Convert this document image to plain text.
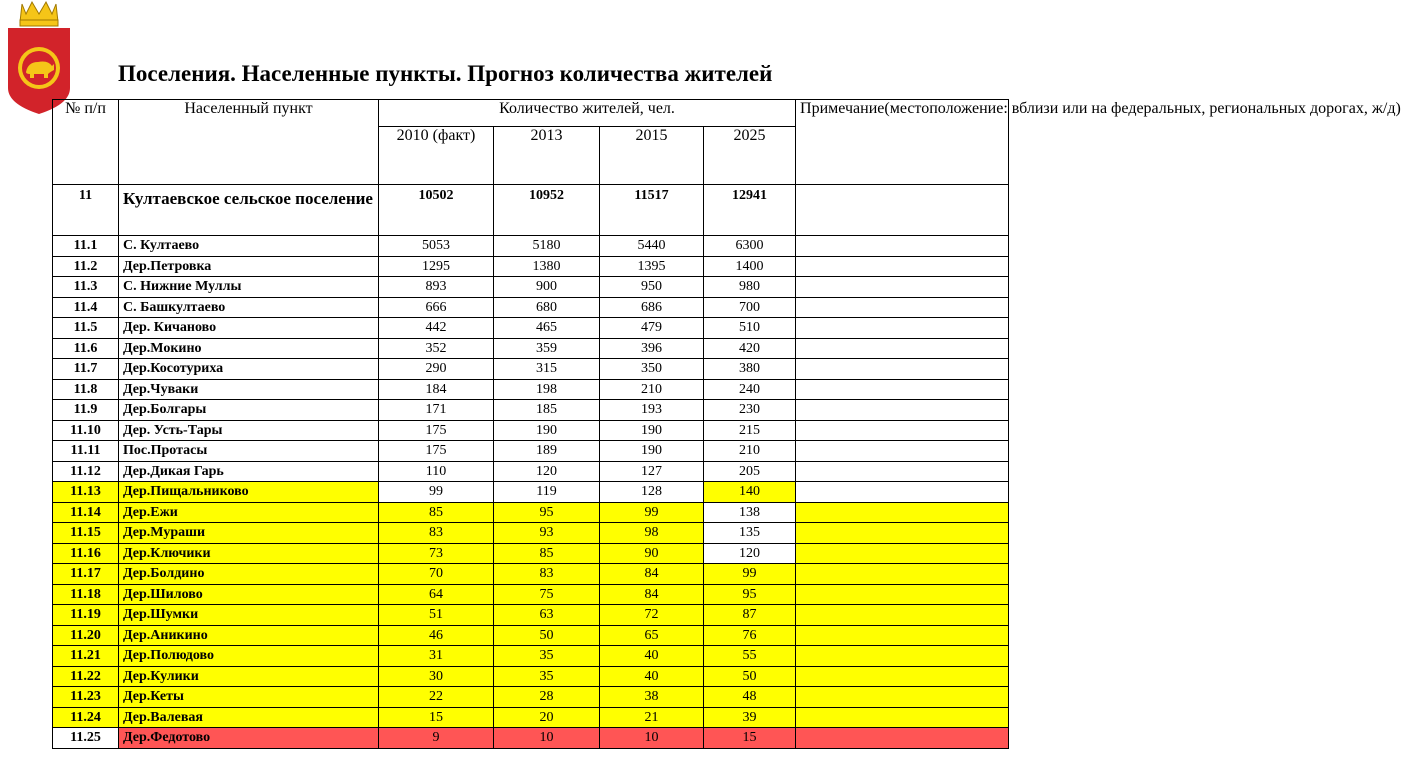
Поселения. Населенные пункты. Прогноз количества жителей
№ п/п	Населенный пункт	Количество жителей, чел.				Примечание(местоположение: вблизи или на федеральных, региональных дорогах, ж/д)
		2010 (факт)	2013	2015	2025	
11	Култаевское сельское поселение	10502	10952	11517	12941	
11.1	С. Култаево	5053	5180	5440	6300	
11.2	Дер.Петровка	1295	1380	1395	1400	
11.3	С. Нижние Муллы	893	900	950	980	
11.4	С. Башкултаево	666	680	686	700	
11.5	Дер. Кичаново	442	465	479	510	
11.6	Дер.Мокино	352	359	396	420	
11.7	Дер.Косотуриха	290	315	350	380	
11.8	Дер.Чуваки	184	198	210	240	
11.9	Дер.Болгары	171	185	193	230	
11.10	Дер. Усть-Тары	175	190	190	215	
11.11	Пос.Протасы	175	189	190	210	
11.12	Дер.Дикая Гарь	110	120	127	205	
11.13	Дер.Пищальниково	99	119	128	140	
11.14	Дер.Ежи	85	95	99	138	
11.15	Дер.Мураши	83	93	98	135	
11.16	Дер.Ключики	73	85	90	120	
11.17	Дер.Болдино	70	83	84	99	
11.18	Дер.Шилово	64	75	84	95	
11.19	Дер.Шумки	51	63	72	87	
11.20	Дер.Аникино	46	50	65	76	
11.21	Дер.Полюдово	31	35	40	55	
11.22	Дер.Кулики	30	35	40	50	
11.23	Дер.Кеты	22	28	38	48	
11.24	Дер.Валевая	15	20	21	39	
11.25	Дер.Федотово	9	10	10	15	
